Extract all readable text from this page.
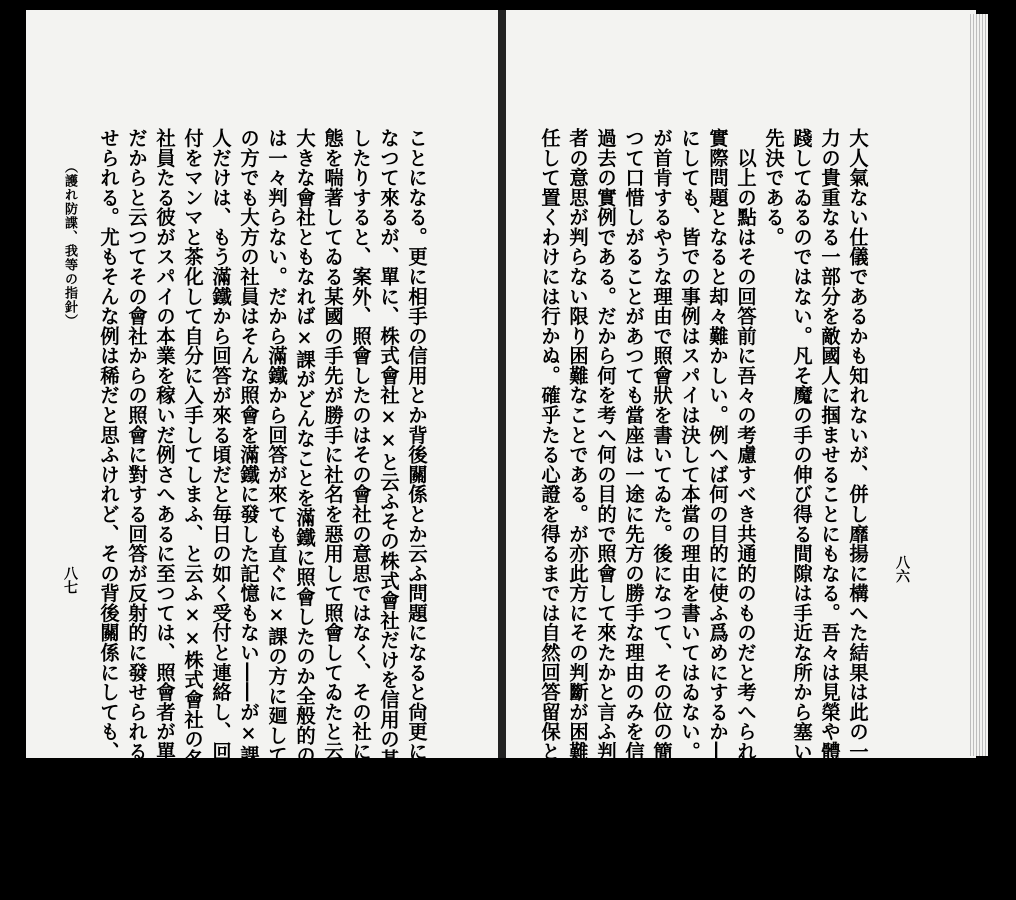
八六
大人氣ない仕儀であるかも知れないが、併し靡揚に構へた結果は此の一穴から日本總
力の貴重なる一部分を敵國人に掴ませることにもなる。吾々は見榮や體裁で國策を實
踐してゐるのではない。凡そ魔の手の伸び得る間隙は手近な所から塞いで行くことが
先決である。
　以上の點はその回答前に吾々の考慮すべき共通的のものだと考へられるが、それが
實際問題となると却々難かしい。例へば何の目的に使ふ爲めにするか――と謂ふ判斷
にしても、皆での事例はスパイは決して本當の理由を書いてはゐない。如何にも此方
が首肯するやうな理由で照會狀を書いてゐた。後になつて、その位の簡單な手に掛
つて口惜しがることがあつても當座は一途に先方の勝手な理由のみを信じてゐたのが
過去の實例である。だから何を考へ何の目的で照會して來たかと言ふ判斷は所詮照會
者の意思が判らない限り困難なことである。が亦此方にその判斷が困難だと云つて、放
任して置くわけには行かぬ。確乎たる心證を得るまでは自然回答留保となす外はない
（護れ防諜、我等の指針）
八七	ことになる。更に相手の信用とか背後關係とか云ふ問題になると尙更に困難な問題と
なつて來るが、單に、株式會社××と云ふその株式會社だけを信用の基礎として回答
したりすると、案外、照會したのはその會社の意思ではなく、その社に籍を置き世間
態を喘著してゐる某國の手先が勝手に社名を惡用して照會してゐたと云ふ所もある。
大きな會社ともなれば×課がどんなことを滿鐵に照會したのか全般的の事務屋さんに
は一々判らない。だから滿鐵から回答が來ても直ぐに×課の方に廻してしまふ。×課
の方でも大方の社員はそんな照會を滿鐵に發した記憶もない――が×課の中に居る一
人だけは、もう滿鐵から回答が來る頃だと毎日の如く受付と連絡し、回答が來たら受
付をマンマと茶化して自分に入手してしまふ、と云ふ××株式會社の名を用ひてその
社員たる彼がスパイの本業を稼いだ例さへあるに至つては、照會者が單に著名な會社
だからと云つてその會社からの照會に對する回答が反射的に發せられることは考へさ
せられる。尤もそんな例は稀だと思ふけれど、その背後關係にしても、照會事項の如
